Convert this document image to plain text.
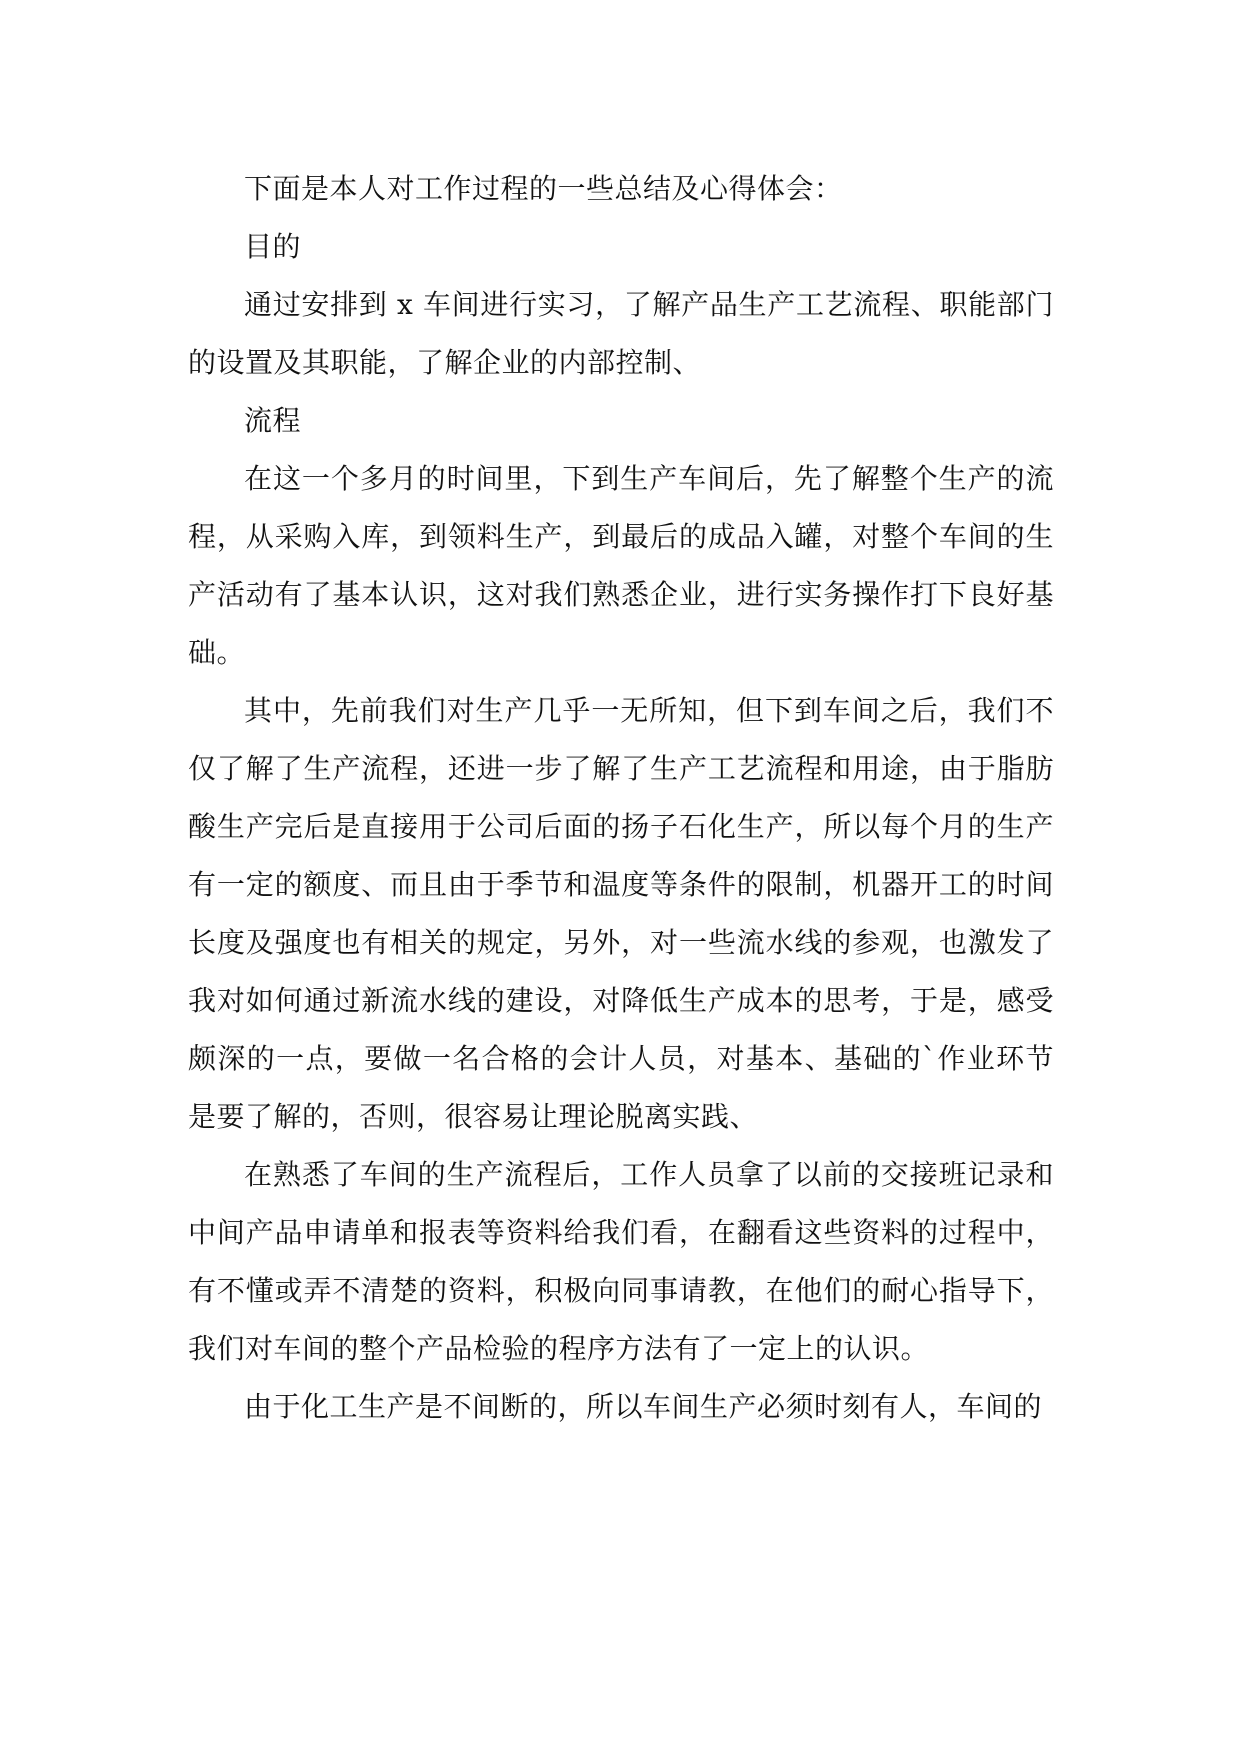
下面是本人对工作过程的一些总结及心得体会：

目的

通过安排到 x 车间进行实习，了解产品生产工艺流程、职能部门的设置及其职能，了解企业的内部控制、

流程

在这一个多月的时间里，下到生产车间后，先了解整个生产的流程，从采购入库，到领料生产，到最后的成品入罐，对整个车间的生产活动有了基本认识，这对我们熟悉企业，进行实务操作打下良好基础。

其中，先前我们对生产几乎一无所知，但下到车间之后，我们不仅了解了生产流程，还进一步了解了生产工艺流程和用途，由于脂肪酸生产完后是直接用于公司后面的扬子石化生产，所以每个月的生产有一定的额度、而且由于季节和温度等条件的限制，机器开工的时间长度及强度也有相关的规定，另外，对一些流水线的参观，也激发了我对如何通过新流水线的建设，对降低生产成本的思考，于是，感受颇深的一点，要做一名合格的会计人员，对基本、基础的`作业环节是要了解的，否则，很容易让理论脱离实践、

在熟悉了车间的生产流程后，工作人员拿了以前的交接班记录和中间产品申请单和报表等资料给我们看，在翻看这些资料的过程中，有不懂或弄不清楚的资料，积极向同事请教，在他们的耐心指导下，我们对车间的整个产品检验的程序方法有了一定上的认识。

由于化工生产是不间断的，所以车间生产必须时刻有人，车间的
